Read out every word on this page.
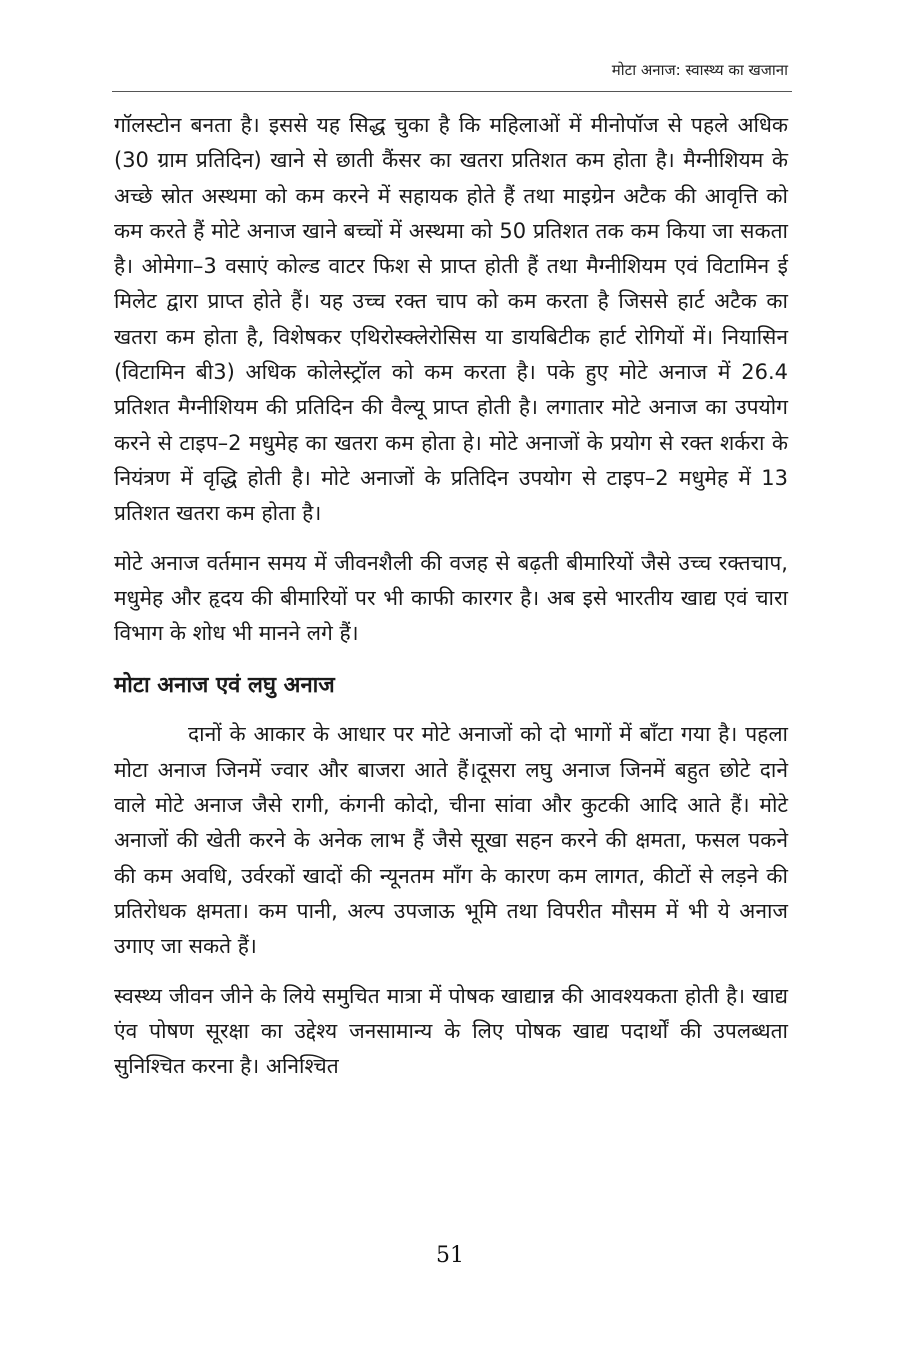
मोटा अनाज: स्वास्थ्य का खजाना

गॉलस्टोन बनता है। इससे यह सिद्ध चुका है कि महिलाओं में मीनोपॉज से पहले अधिक (30 ग्राम प्रतिदिन) खाने से छाती कैंसर का खतरा प्रतिशत कम होता है। मैग्नीशियम के अच्छे स्रोत अस्थमा को कम करने में सहायक होते हैं तथा माइग्रेन अटैक की आवृत्ति को कम करते हैं मोटे अनाज खाने बच्चों में अस्थमा को 50 प्रतिशत तक कम किया जा सकता है। ओमेगा–3 वसाएं कोल्ड वाटर फिश से प्राप्त होती हैं तथा मैग्नीशियम एवं विटामिन ई मिलेट द्वारा प्राप्त होते हैं। यह उच्च रक्त चाप को कम करता है जिससे हार्ट अटैक का खतरा कम होता है, विशेषकर एथिरोस्क्लेरोसिस या डायबिटीक हार्ट रोगियों में। नियासिन (विटामिन बी3) अधिक कोलेस्ट्रॉल को कम करता है। पके हुए मोटे अनाज में 26.4 प्रतिशत मैग्नीशियम की प्रतिदिन की वैल्यू प्राप्त होती है। लगातार मोटे अनाज का उपयोग करने से टाइप–2 मधुमेह का खतरा कम होता हे। मोटे अनाजों के प्रयोग से रक्त शर्करा के नियंत्रण में वृद्धि होती है। मोटे अनाजों के प्रतिदिन उपयोग से टाइप–2 मधुमेह में 13 प्रतिशत खतरा कम होता है।

मोटे अनाज वर्तमान समय में जीवनशैली की वजह से बढ़ती बीमारियों जैसे उच्च रक्तचाप, मधुमेह और हृदय की बीमारियों पर भी काफी कारगर है। अब इसे भारतीय खाद्य एवं चारा विभाग के शोध भी मानने लगे हैं।

मोटा अनाज एवं लघु अनाज

दानों के आकार के आधार पर मोटे अनाजों को दो भागों में बाँटा गया है। पहला मोटा अनाज जिनमें ज्वार और बाजरा आते हैं।दूसरा लघु अनाज जिनमें बहुत छोटे दाने वाले मोटे अनाज जैसे रागी, कंगनी कोदो, चीना सांवा और कुटकी आदि आते हैं। मोटे अनाजों की खेती करने के अनेक लाभ हैं जैसे सूखा सहन करने की क्षमता, फसल पकने की कम अवधि, उर्वरकों खादों की न्यूनतम मॉंग के कारण कम लागत, कीटों से लड़ने की प्रतिरोधक क्षमता। कम पानी, अल्प उपजाऊ भूमि तथा विपरीत मौसम में भी ये अनाज उगाए जा सकते हैं।

स्वस्थ्य जीवन जीने के लिये समुचित मात्रा में पोषक खाद्यान्न की आवश्यकता होती है। खाद्य एंव पोषण सूरक्षा का उद्देश्य जनसामान्य के लिए पोषक खाद्य पदार्थों की उपलब्धता सुनिश्चित करना है। अनिश्चित

51
